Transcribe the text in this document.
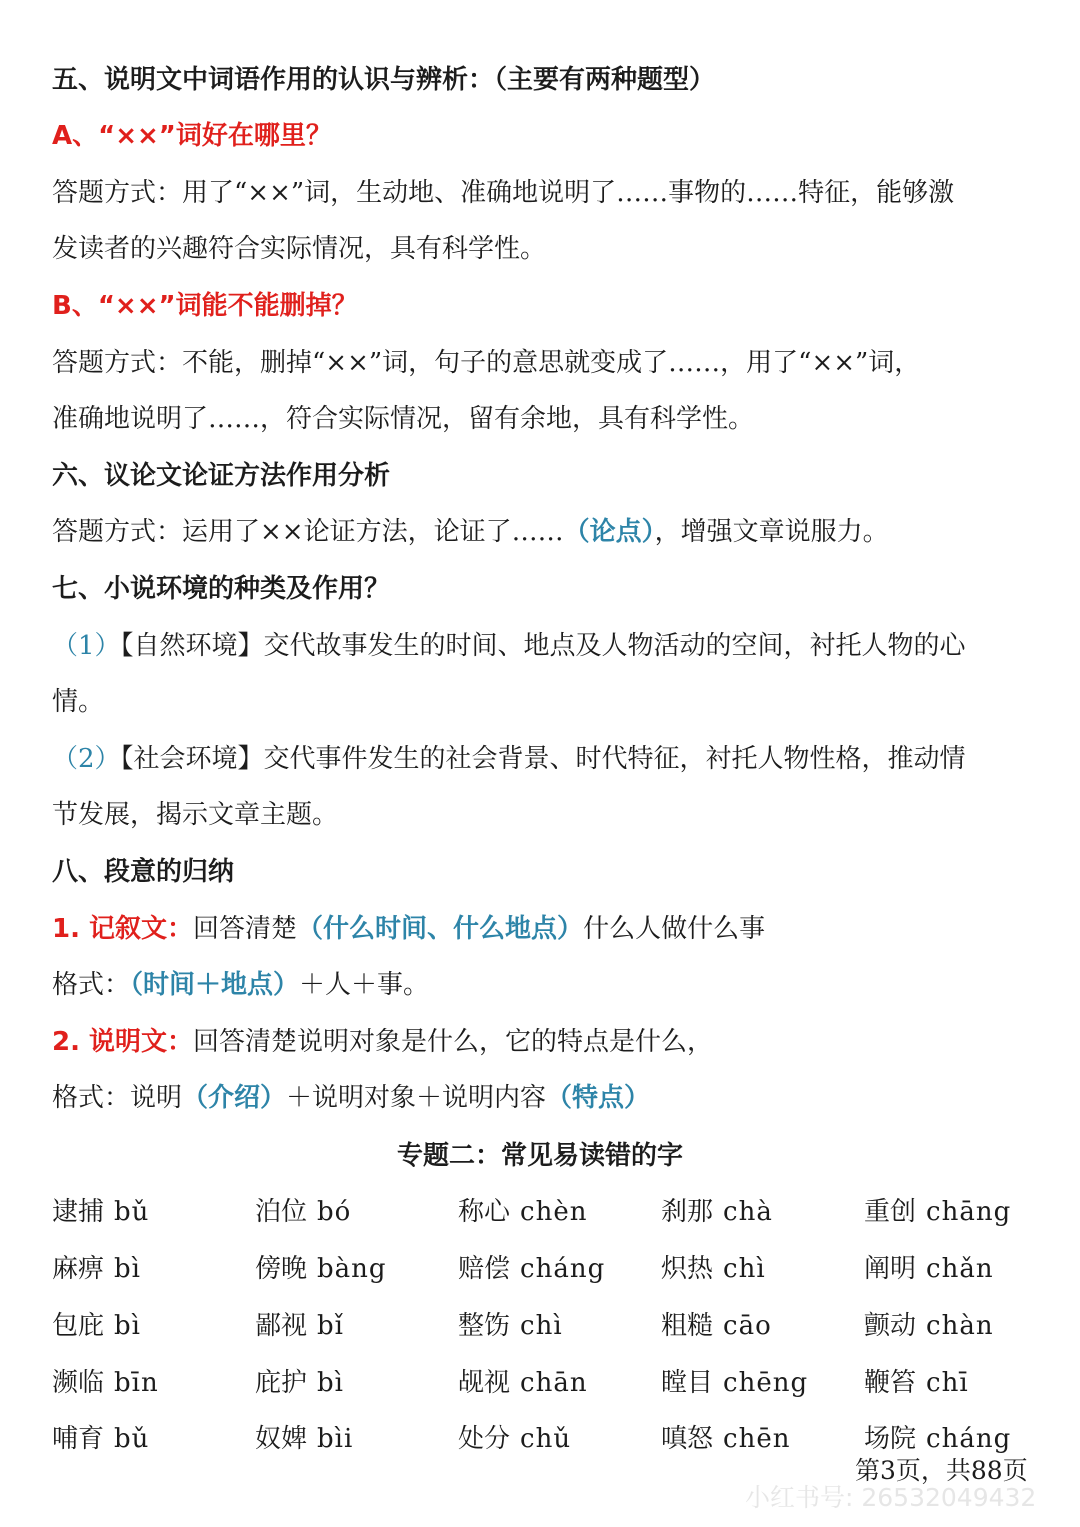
五、说明文中词语作用的认识与辨析：（主要有两种题型）
A、“××”词好在哪里？
答题方式：用了“××”词，生动地、准确地说明了……事物的……特征，能够激
发读者的兴趣符合实际情况，具有科学性。
B、“××”词能不能删掉？
答题方式：不能，删掉“××”词，句子的意思就变成了……，用了“××”词，
准确地说明了……，符合实际情况，留有余地，具有科学性。
六、议论文论证方法作用分析
答题方式：运用了××论证方法，论证了……（论点），增强文章说服力。
七、小说环境的种类及作用？
（1）【自然环境】交代故事发生的时间、地点及人物活动的空间，衬托人物的心
情。
（2）【社会环境】交代事件发生的社会背景、时代特征，衬托人物性格，推动情
节发展，揭示文章主题。
八、段意的归纳
1. 记叙文：回答清楚（什么时间、什么地点）什么人做什么事
格式：（时间＋地点）＋人＋事。
2. 说明文：回答清楚说明对象是什么，它的特点是什么，
格式：说明（介绍）＋说明对象＋说明内容（特点）
专题二：常见易读错的字
逮捕 bǔ	泊位 bó	称心 chèn	刹那 chà	重创 chāng
麻痹 bì	傍晚 bàng	赔偿 cháng 炽热 chì	阐明 chǎn
包庇 bì	鄙视 bǐ	整饬 chì	粗糙 cāo	颤动 chàn
濒临 bīn	庇护 bì	觇视 chān	瞠目 chēng 鞭笞 chī
哺育 bǔ	奴婢 bìi	处分 chǔ	嗔怒 chēn	场院 cháng
第3页，共88页
小红书号: 26532049432
